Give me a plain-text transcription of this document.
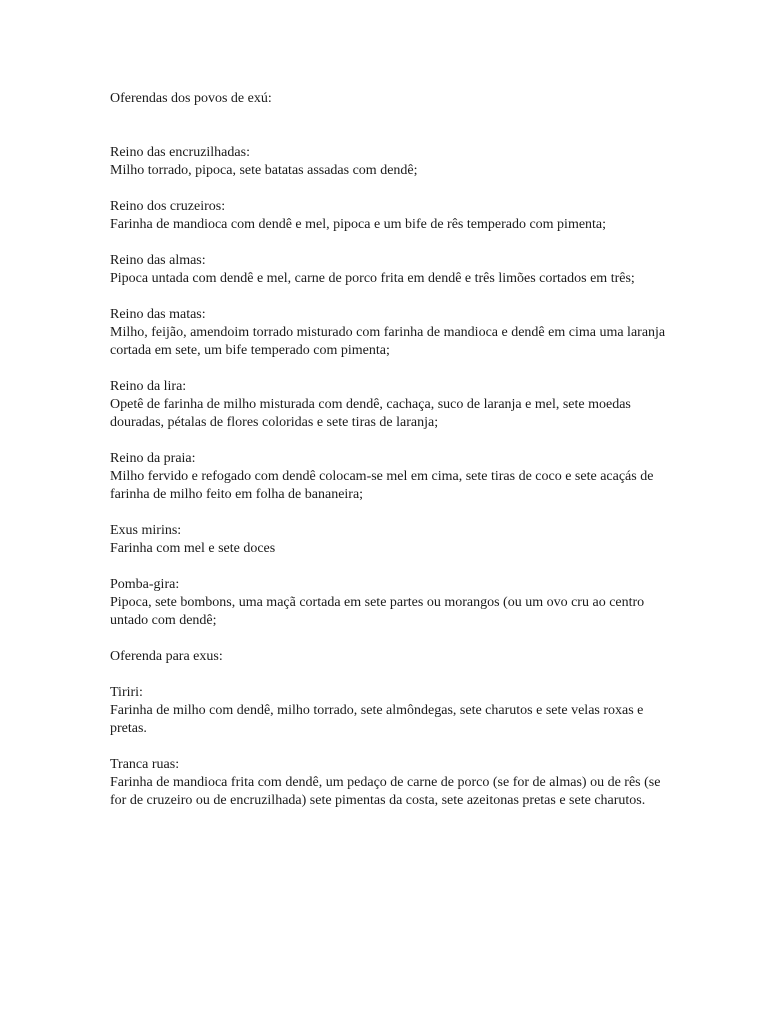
Oferendas dos povos de exú:

Reino das encruzilhadas:

Milho torrado, pipoca, sete batatas assadas com dendê;

Reino dos cruzeiros:

Farinha de mandioca com dendê e mel, pipoca e um bife de rês temperado com pimenta;

Reino das almas:

Pipoca untada com dendê e mel, carne de porco frita em dendê e três limões cortados em três;

Reino das matas:

Milho, feijão, amendoim torrado misturado com farinha de mandioca e dendê em cima uma laranja cortada em sete, um bife temperado com pimenta;

Reino da lira:

Opetê de farinha de milho misturada com dendê, cachaça, suco de laranja e mel, sete moedas douradas, pétalas de flores coloridas e sete tiras de laranja;

Reino da praia:

Milho fervido e refogado com dendê colocam-se mel em cima, sete tiras de coco e sete acaçás de farinha de milho feito em folha de bananeira;

Exus mirins:

Farinha com mel e sete doces

Pomba-gira:

Pipoca, sete bombons, uma maçã cortada em sete partes ou morangos (ou um ovo cru ao centro untado com dendê;

Oferenda para exus:

Tiriri:

Farinha de milho com dendê, milho torrado, sete almôndegas, sete charutos e sete velas roxas e pretas.

Tranca ruas:

Farinha de mandioca frita com dendê, um pedaço de carne de porco (se for de almas) ou de rês (se for de cruzeiro ou de encruzilhada) sete pimentas da costa, sete azeitonas pretas e sete charutos.
